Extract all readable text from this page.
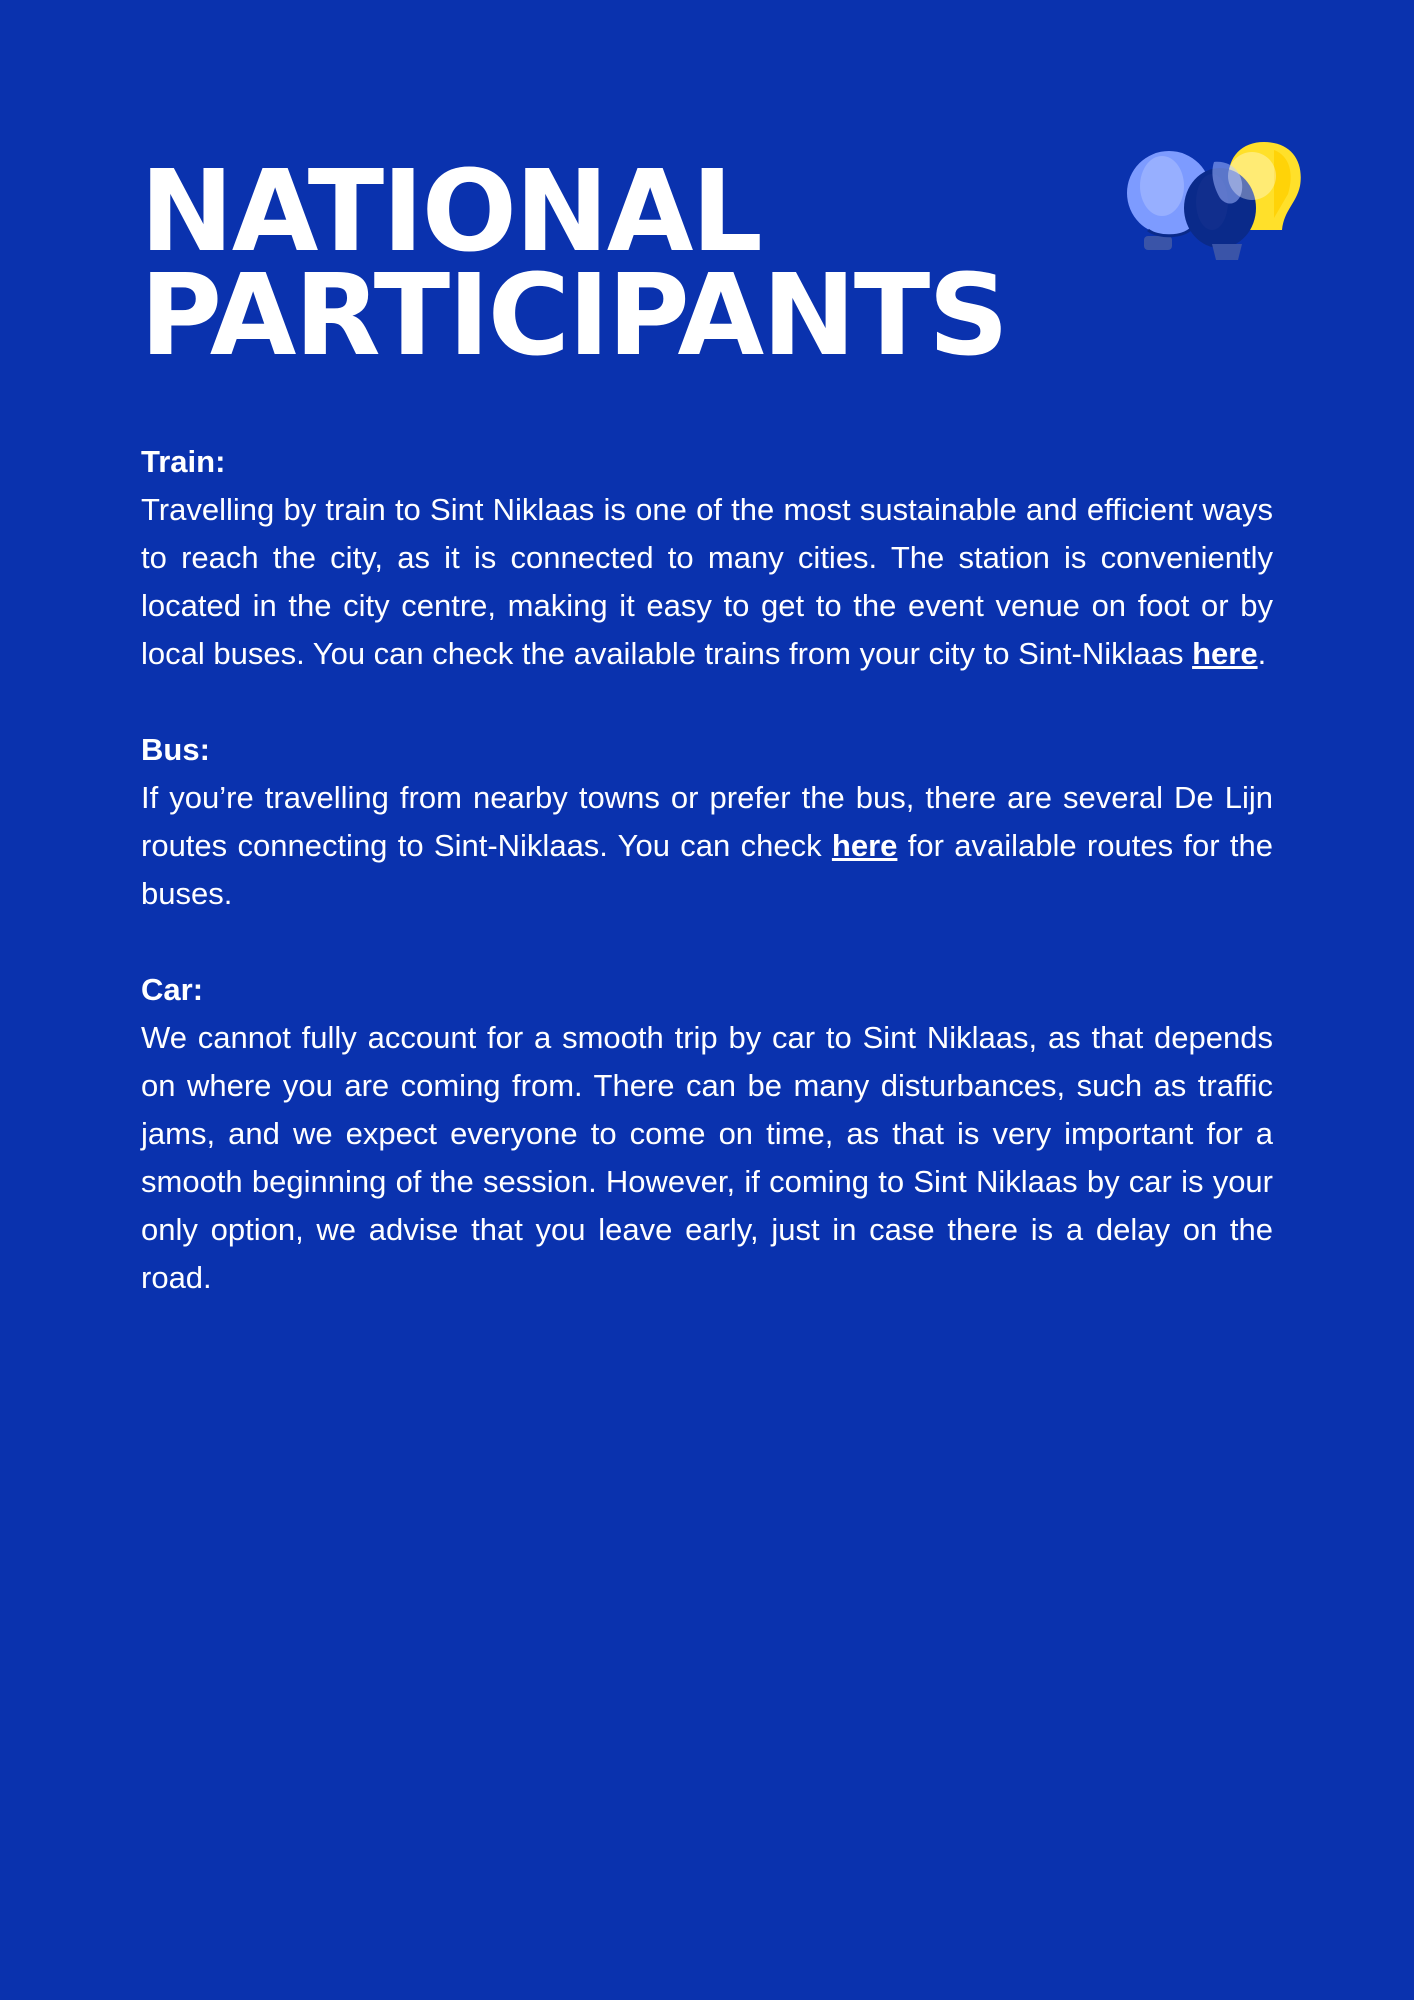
NATIONAL
PARTICIPANTS

Train:

Travelling by train to Sint Niklaas is one of the most sustainable and efficient ways to reach the city, as it is connected to many cities. The station is conveniently located in the city centre, making it easy to get to the event venue on foot or by local buses. You can check the available trains from your city to Sint-Niklaas here.

Bus:

If you’re travelling from nearby towns or prefer the bus, there are several De Lijn routes connecting to Sint-Niklaas. You can check here for available routes for the buses.

Car:

We cannot fully account for a smooth trip by car to Sint Niklaas, as that depends on where you are coming from. There can be many disturbances, such as traffic jams, and we expect everyone to come on time, as that is very important for a smooth beginning of the session. However, if coming to Sint Niklaas by car is your only option, we advise that you leave early, just in case there is a delay on the road.
